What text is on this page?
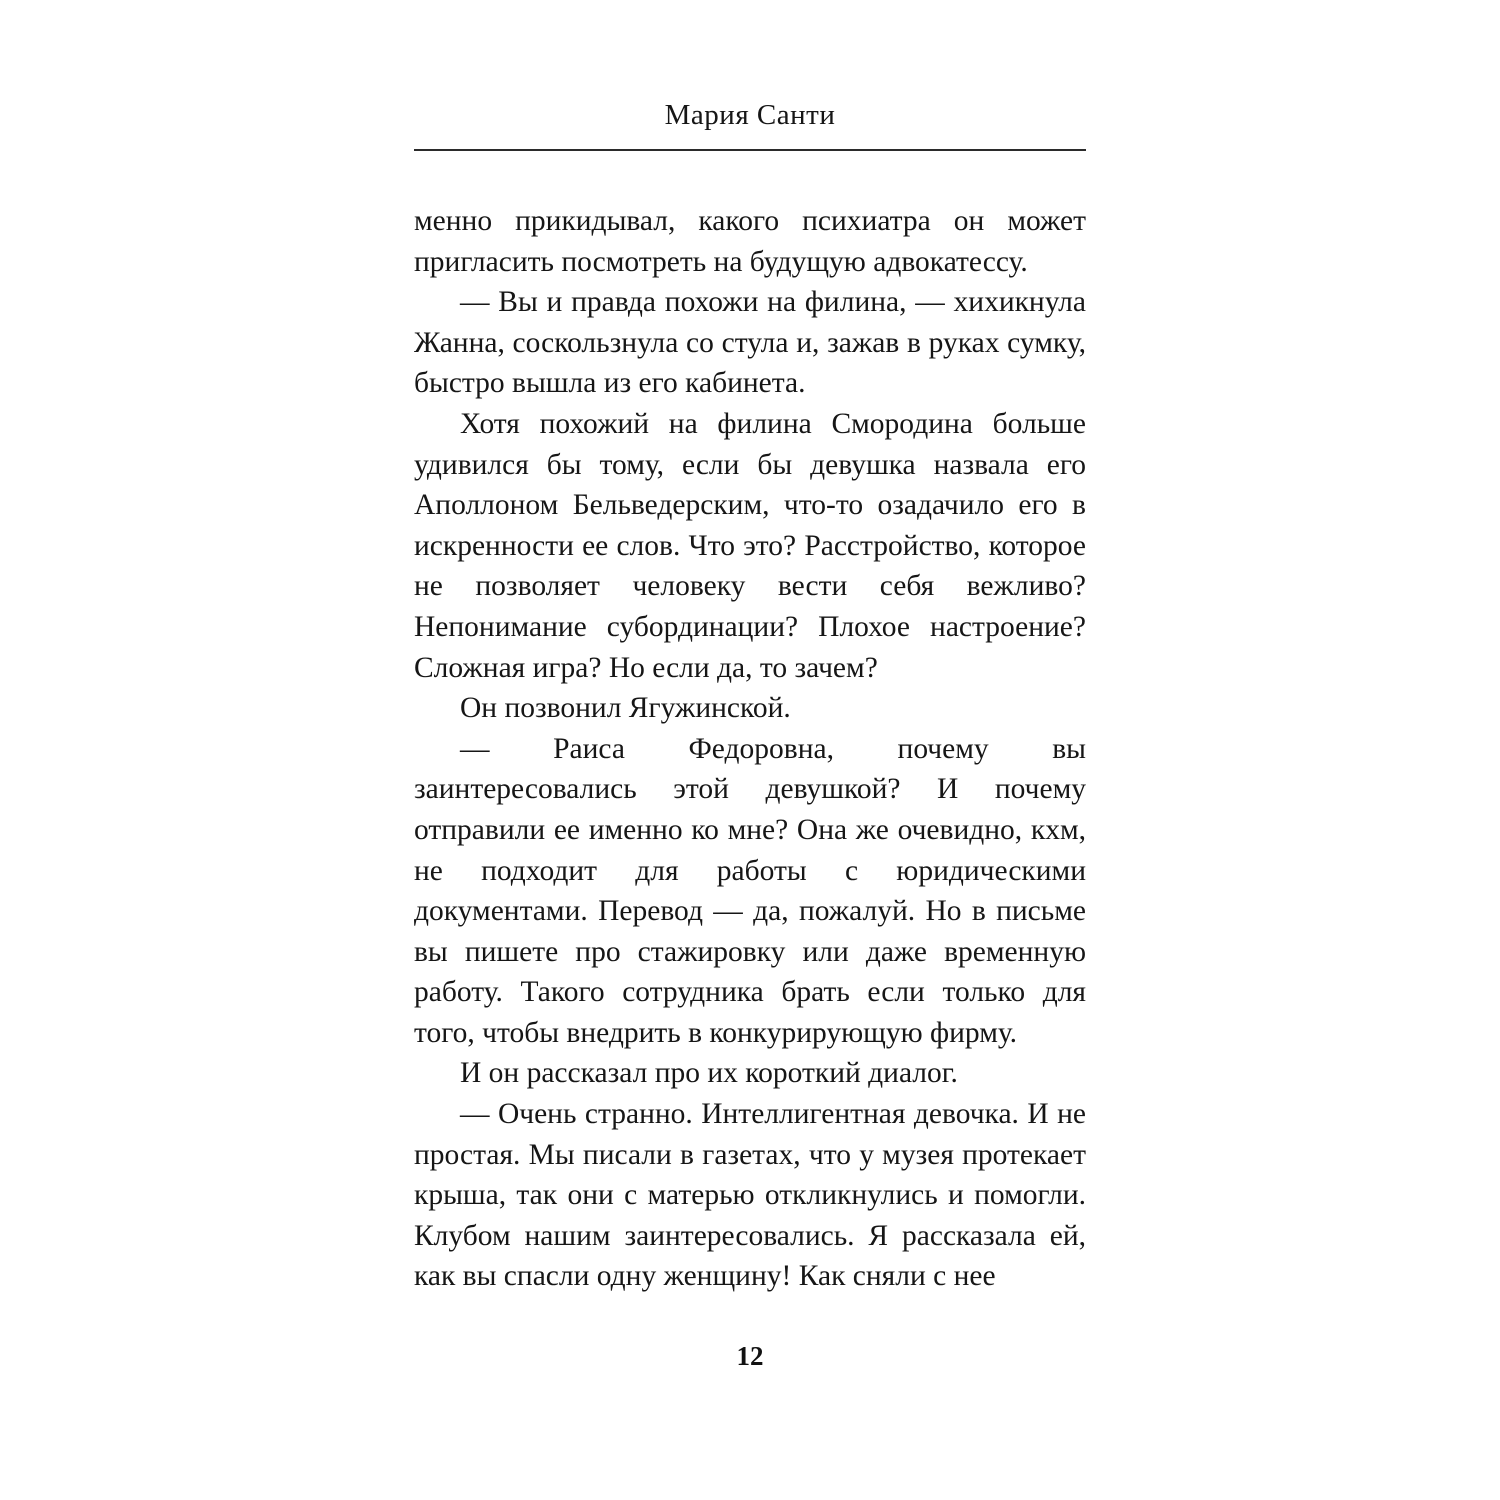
Мария Санти

менно прикидывал, какого психиатра он может пригласить посмотреть на будущую адвокатессу.

— Вы и правда похожи на филина, — хихикнула Жанна, соскользнула со стула и, зажав в руках сумку, быстро вышла из его кабинета.

Хотя похожий на филина Смородина больше удивился бы тому, если бы девушка назвала его Аполлоном Бельведерским, что-то озадачило его в искренности ее слов. Что это? Расстройство, которое не позволяет человеку вести себя вежливо? Непонимание субординации? Плохое настроение? Сложная игра? Но если да, то зачем?

Он позвонил Ягужинской.

— Раиса Федоровна, почему вы заинтересовались этой девушкой? И почему отправили ее именно ко мне? Она же очевидно, кхм, не подходит для работы с юридическими документами. Перевод — да, пожалуй. Но в письме вы пишете про стажировку или даже временную работу. Такого сотрудника брать если только для того, чтобы внедрить в конкурирующую фирму.

И он рассказал про их короткий диалог.

— Очень странно. Интеллигентная девочка. И не простая. Мы писали в газетах, что у музея протекает крыша, так они с матерью откликнулись и помогли. Клубом нашим заинтересовались. Я рассказала ей, как вы спасли одну женщину! Как сняли с нее

12
